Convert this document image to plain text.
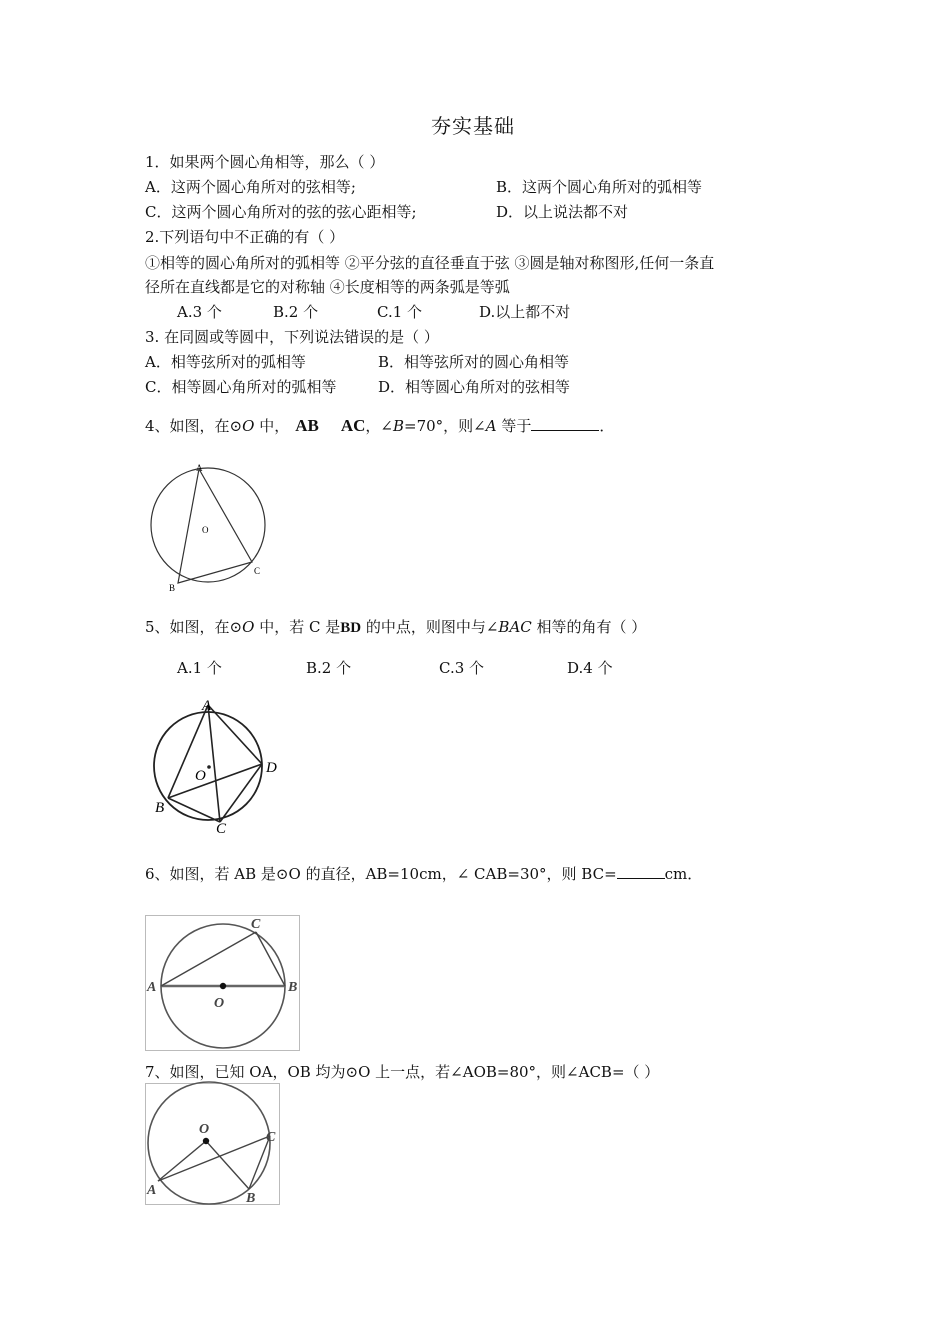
夯实基础
1．如果两个圆心角相等，那么（ ）
A．这两个圆心角所对的弦相等;	B．这两个圆心角所对的弧相等
C．这两个圆心角所对的弦的弦心距相等;	D．以上说法都不对
2.下列语句中不正确的有（ ）
①相等的圆心角所对的弧相等 ②平分弦的直径垂直于弦 ③圆是轴对称图形,任何一条直
径所在直线都是它的对称轴 ④长度相等的两条弧是等弧
A.3 个	B.2 个	C.1 个	D.以上都不对
3. 在同圆或等圆中，下列说法错误的是（ ）
A．相等弦所对的弧相等	B．相等弦所对的圆心角相等
C．相等圆心角所对的弧相等	D．相等圆心角所对的弦相等
4、如图，在⊙O 中， AB AC，∠B=70°，则∠A 等于	．
A
B
C
O
5、如图，在⊙O 中，若 C 是BD 的中点，则图中与∠BAC 相等的角有（ ）
A.1 个	B.2 个	C.3 个	D.4 个
A
B
C
D
O
6、如图，若 AB 是⊙O 的直径，AB=10cm，∠ CAB=30°，则 BC=	cm．
A	B
C
O
7、如图，已知 OA，OB 均为⊙O 上一点，若∠AOB=80°，则∠ACB=（ ）
A
B
C
O
